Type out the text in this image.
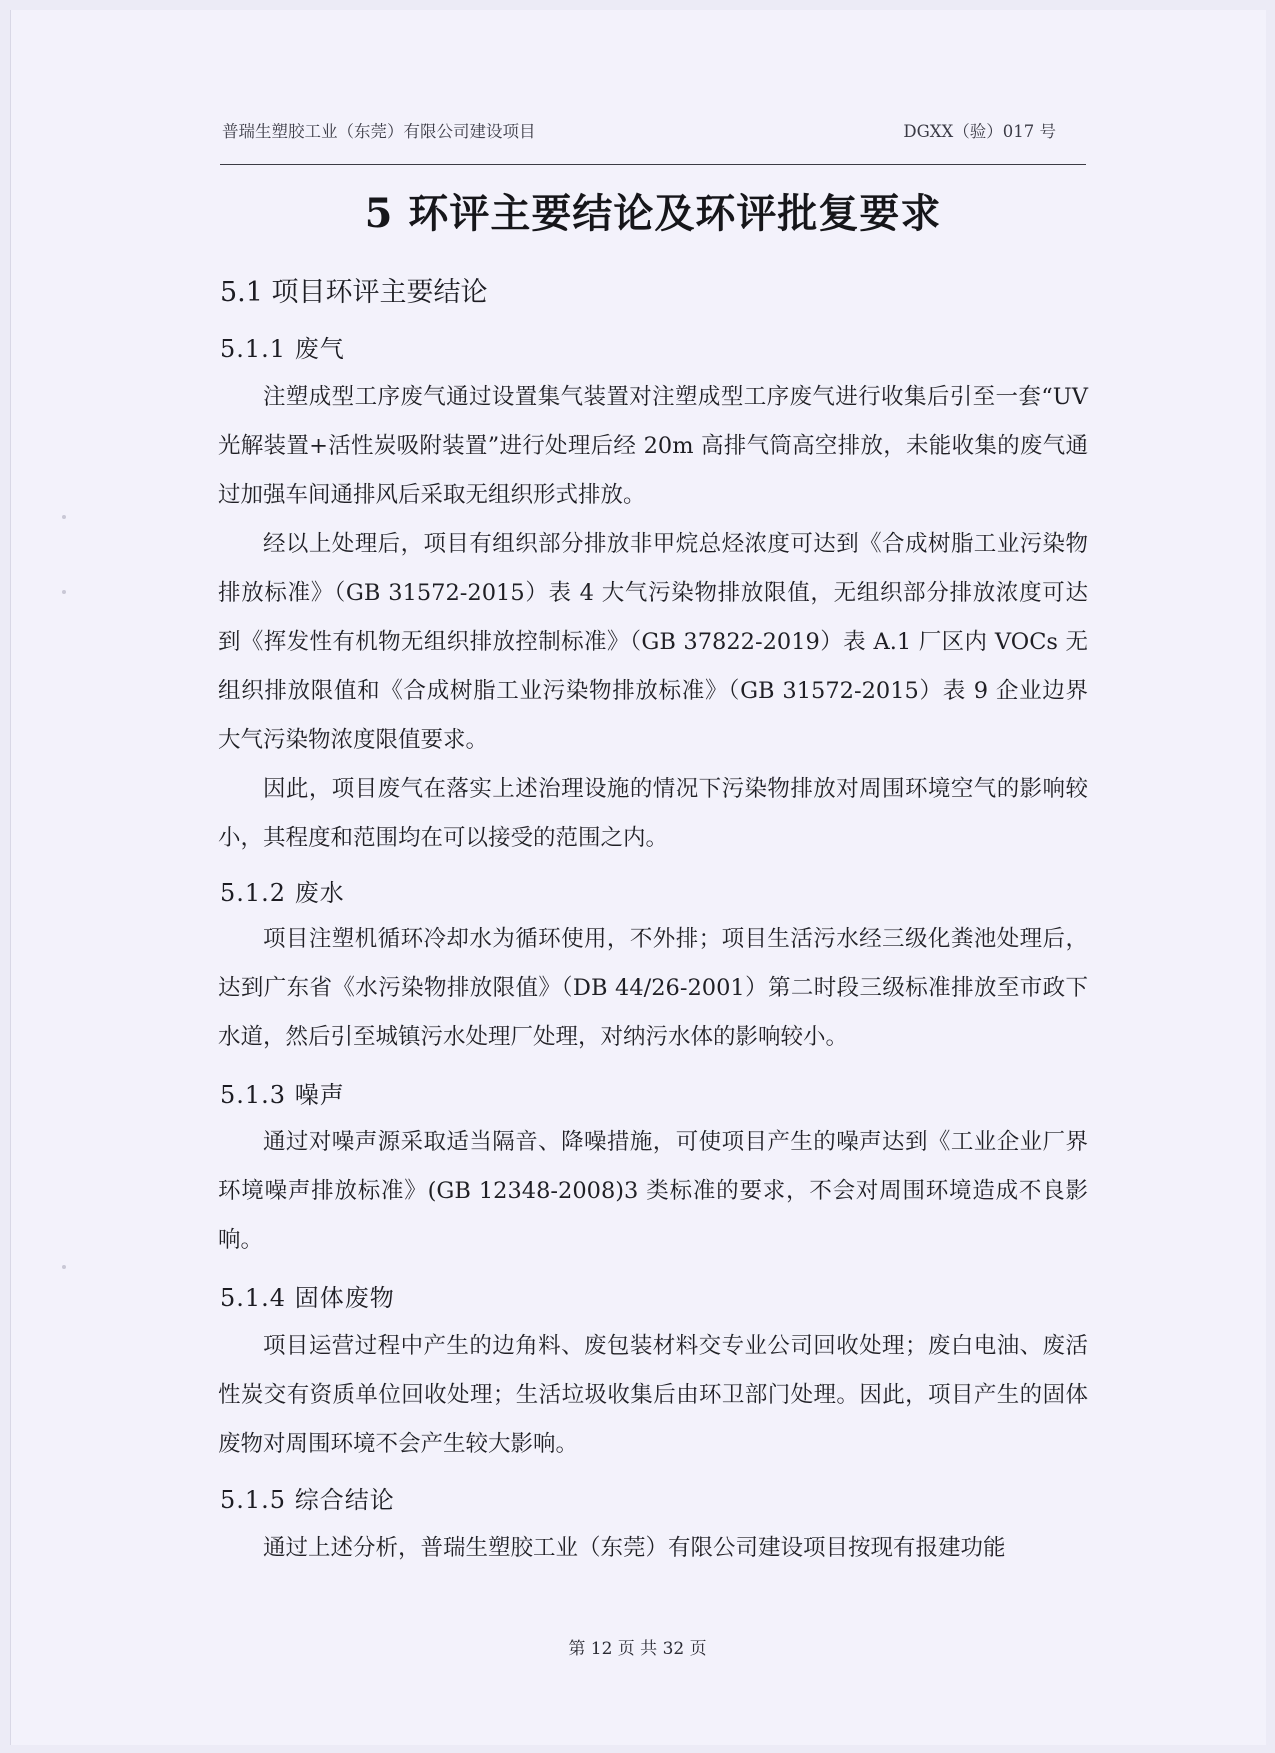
普瑞生塑胶工业（东莞）有限公司建设项目	DGXX（验）017 号
5 环评主要结论及环评批复要求
5.1 项目环评主要结论
5.1.1 废气

注塑成型工序废气通过设置集气装置对注塑成型工序废气进行收集后引至一套“UV 光解装置+活性炭吸附装置”进行处理后经 20m 高排气筒高空排放，未能收集的废气通过加强车间通排风后采取无组织形式排放。

经以上处理后，项目有组织部分排放非甲烷总烃浓度可达到《合成树脂工业污染物排放标准》（GB 31572-2015）表 4 大气污染物排放限值，无组织部分排放浓度可达到《挥发性有机物无组织排放控制标准》（GB 37822-2019）表 A.1 厂区内 VOCs 无组织排放限值和《合成树脂工业污染物排放标准》（GB 31572-2015）表 9 企业边界大气污染物浓度限值要求。

因此，项目废气在落实上述治理设施的情况下污染物排放对周围环境空气的影响较小，其程度和范围均在可以接受的范围之内。

5.1.2 废水

项目注塑机循环冷却水为循环使用，不外排；项目生活污水经三级化粪池处理后，达到广东省《水污染物排放限值》（DB 44/26-2001）第二时段三级标准排放至市政下水道，然后引至城镇污水处理厂处理，对纳污水体的影响较小。

5.1.3 噪声

通过对噪声源采取适当隔音、降噪措施，可使项目产生的噪声达到《工业企业厂界环境噪声排放标准》(GB 12348-2008)3 类标准的要求，不会对周围环境造成不良影响。

5.1.4 固体废物

项目运营过程中产生的边角料、废包装材料交专业公司回收处理；废白电油、废活性炭交有资质单位回收处理；生活垃圾收集后由环卫部门处理。因此，项目产生的固体废物对周围环境不会产生较大影响。

5.1.5 综合结论

通过上述分析，普瑞生塑胶工业（东莞）有限公司建设项目按现有报建功能

第 12 页 共 32 页
